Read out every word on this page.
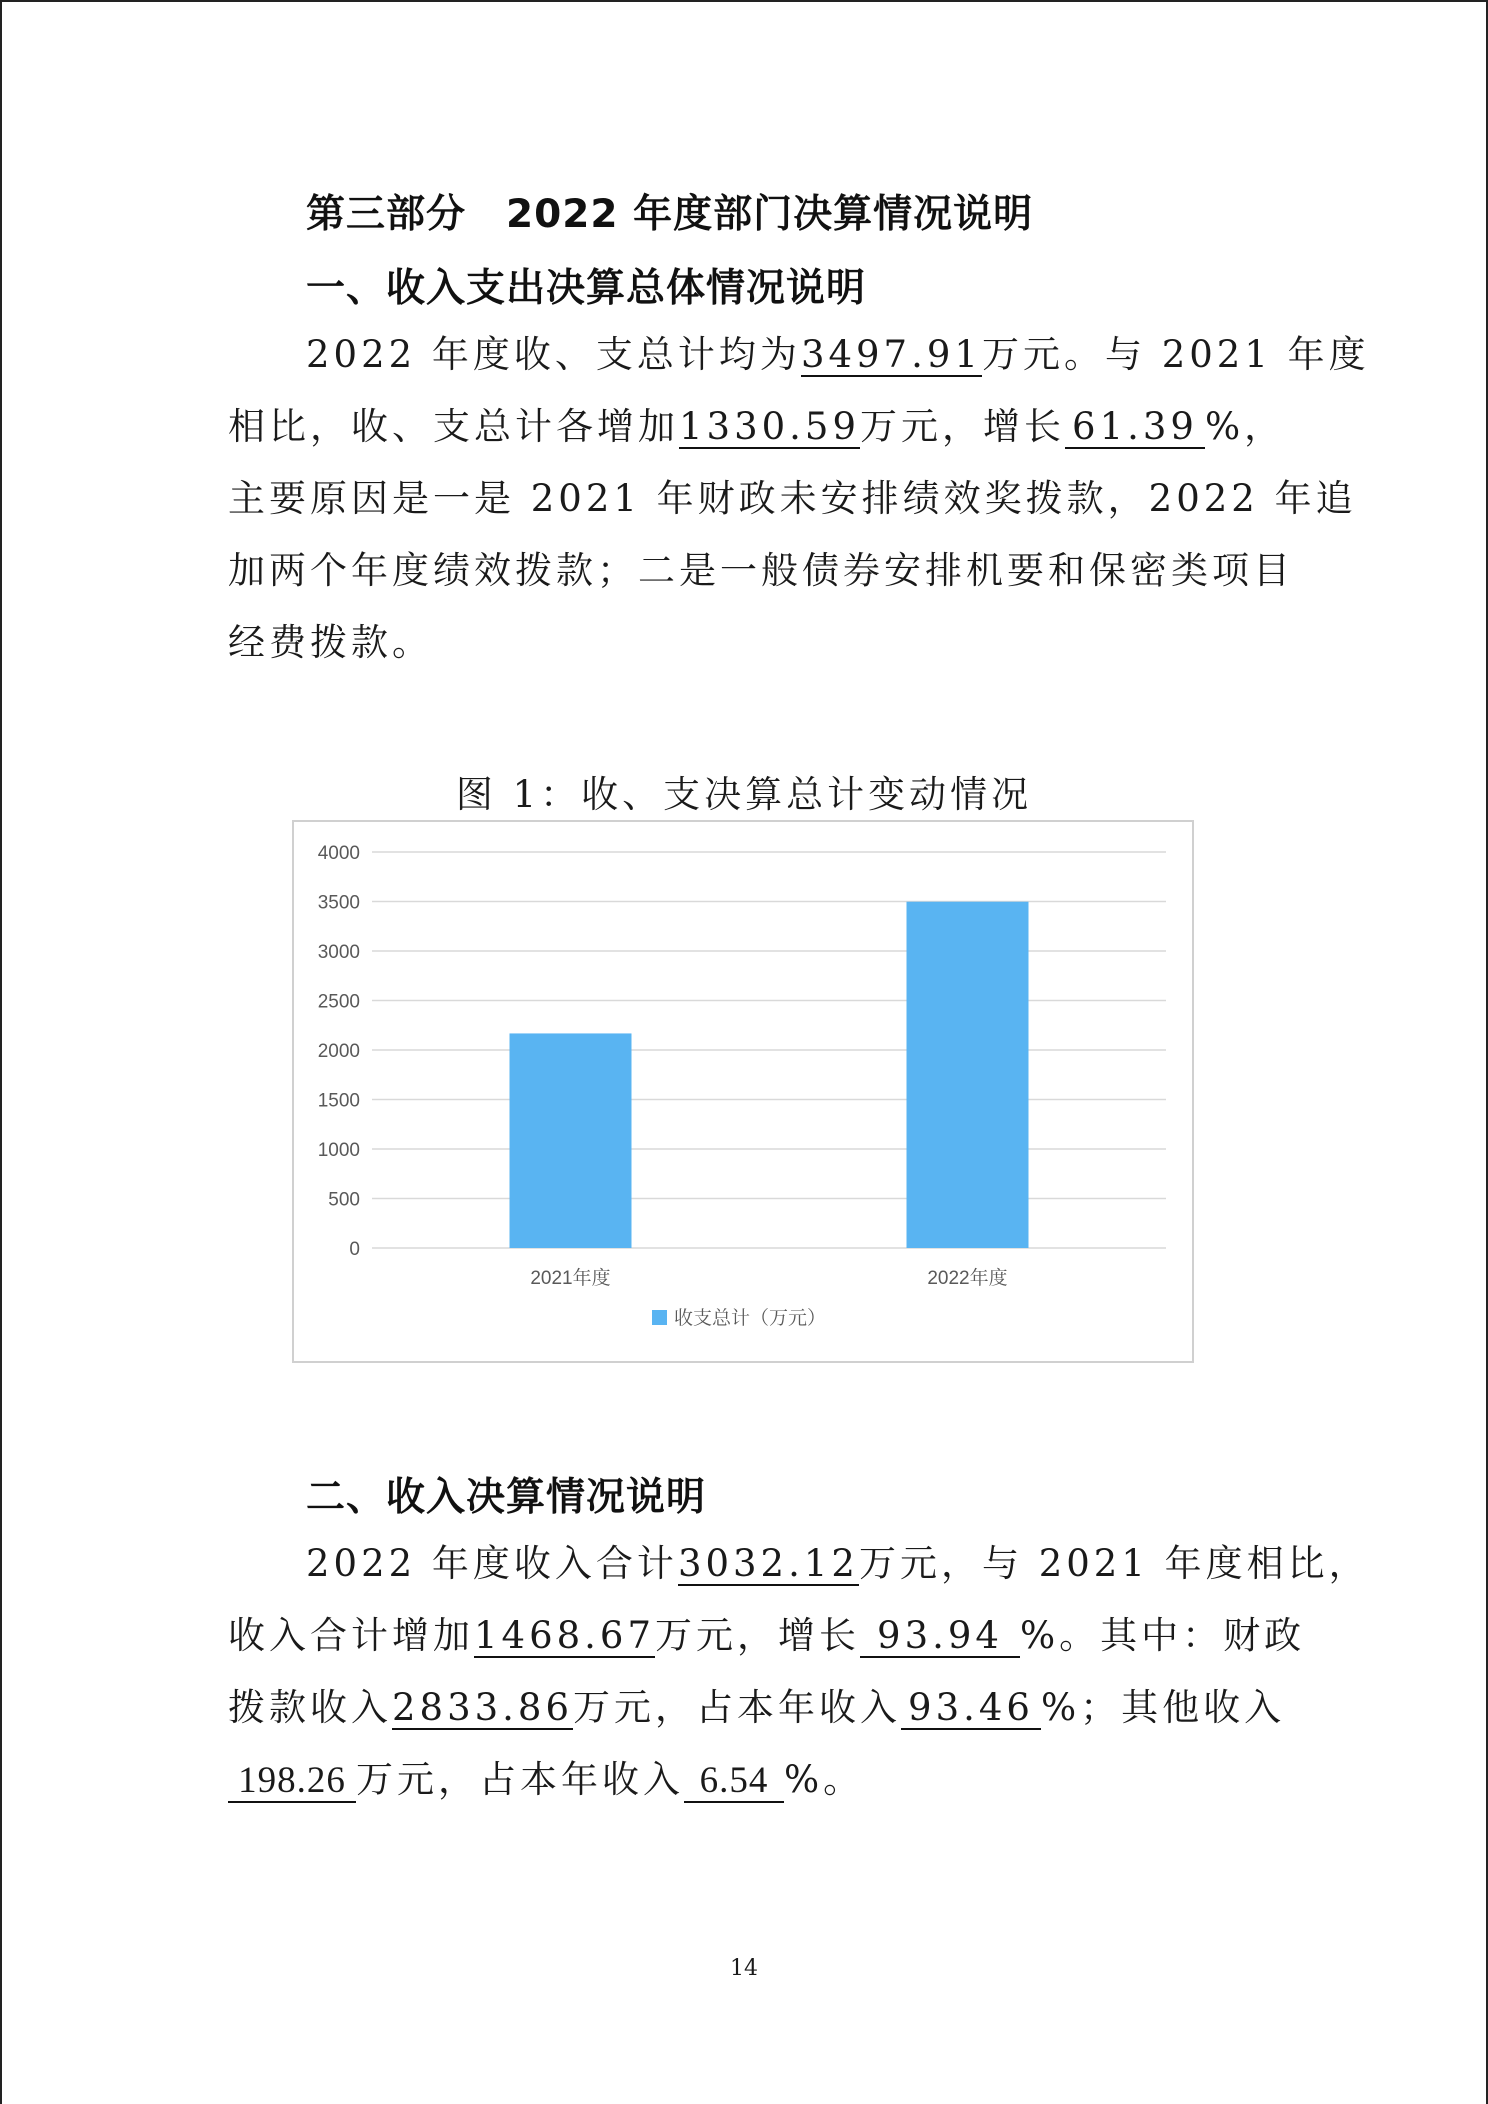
第三部分　2022 年度部门决算情况说明
一、收入支出决算总体情况说明
2022 年度收、支总计均为3497.91万元。与 2021 年度
相比，收、支总计各增加1330.59万元，增长 61.39 %，
主要原因是一是 2021 年财政未安排绩效奖拨款，2022 年追
加两个年度绩效拨款；二是一般债券安排机要和保密类项目
经费拨款。
图 1：收、支决算总计变动情况
0
500
1000
1500
2000
2500
3000
3500
4000
2021年度	2022年度
收支总计（万元）
二、收入决算情况说明
2022 年度收入合计3032.12万元，与 2021 年度相比，
收入合计增加1468.67万元，增长 93.94 %。其中：财政
拨款收入2833.86万元，占本年收入 93.46 %；其他收入
198.26 万元，占本年收入 6.54 %。
14
